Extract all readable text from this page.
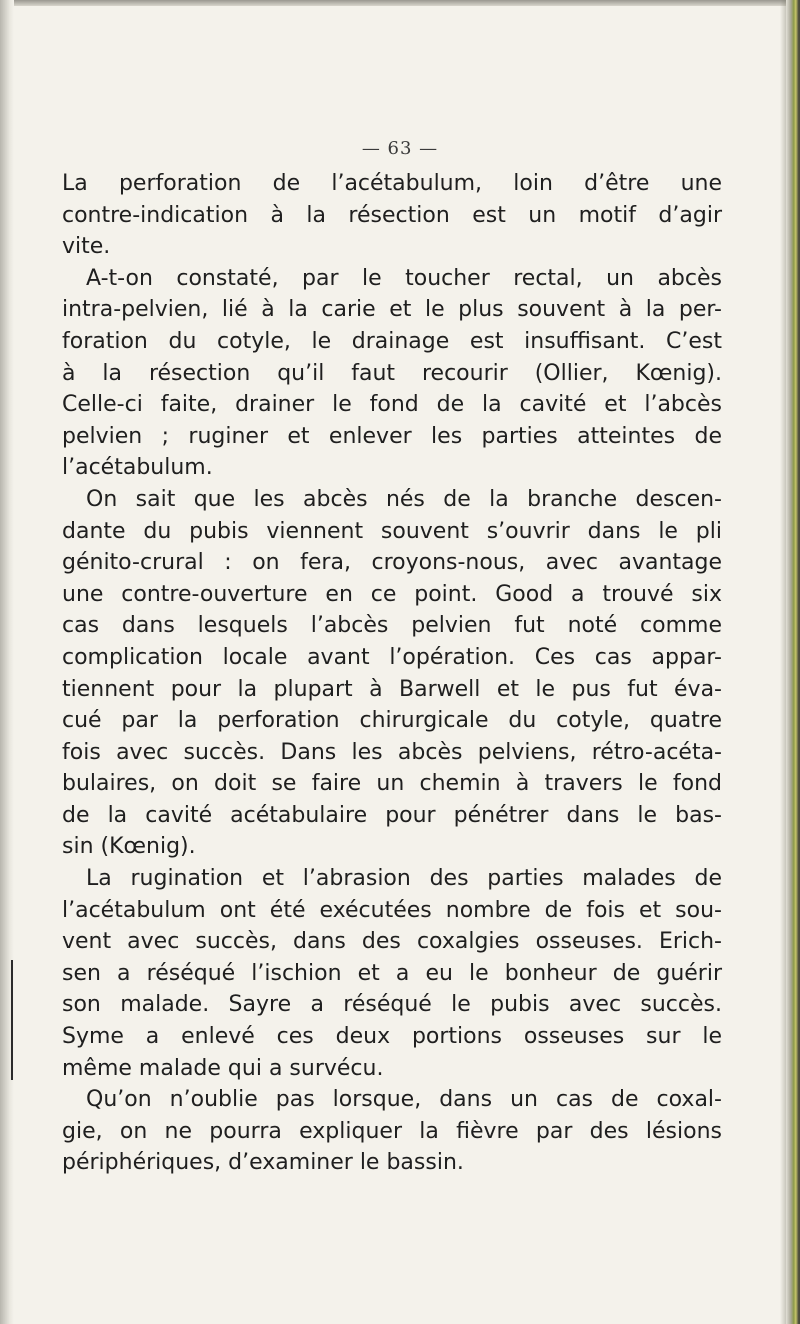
— 63 —
La perforation de l’acétabulum, loin d’être une
contre-indication à la résection est un motif d’agir
vite.
A-t-on constaté, par le toucher rectal, un abcès
intra-pelvien, lié à la carie et le plus souvent à la per-
foration du cotyle, le drainage est insuffisant. C’est
à la résection qu’il faut recourir (Ollier, Kœnig).
Celle-ci faite, drainer le fond de la cavité et l’abcès
pelvien ; ruginer et enlever les parties atteintes de
l’acétabulum.
On sait que les abcès nés de la branche descen-
dante du pubis viennent souvent s’ouvrir dans le pli
génito-crural : on fera, croyons-nous, avec avantage
une contre-ouverture en ce point. Good a trouvé six
cas dans lesquels l’abcès pelvien fut noté comme
complication locale avant l’opération. Ces cas appar-
tiennent pour la plupart à Barwell et le pus fut éva-
cué par la perforation chirurgicale du cotyle, quatre
fois avec succès. Dans les abcès pelviens, rétro-acéta-
bulaires, on doit se faire un chemin à travers le fond
de la cavité acétabulaire pour pénétrer dans le bas-
sin (Kœnig).
La rugination et l’abrasion des parties malades de
l’acétabulum ont été exécutées nombre de fois et sou-
vent avec succès, dans des coxalgies osseuses. Erich-
sen a réséqué l’ischion et a eu le bonheur de guérir
son malade. Sayre a réséqué le pubis avec succès.
Syme a enlevé ces deux portions osseuses sur le
même malade qui a survécu.
Qu’on n’oublie pas lorsque, dans un cas de coxal-
gie, on ne pourra expliquer la fièvre par des lésions
périphériques, d’examiner le bassin.
